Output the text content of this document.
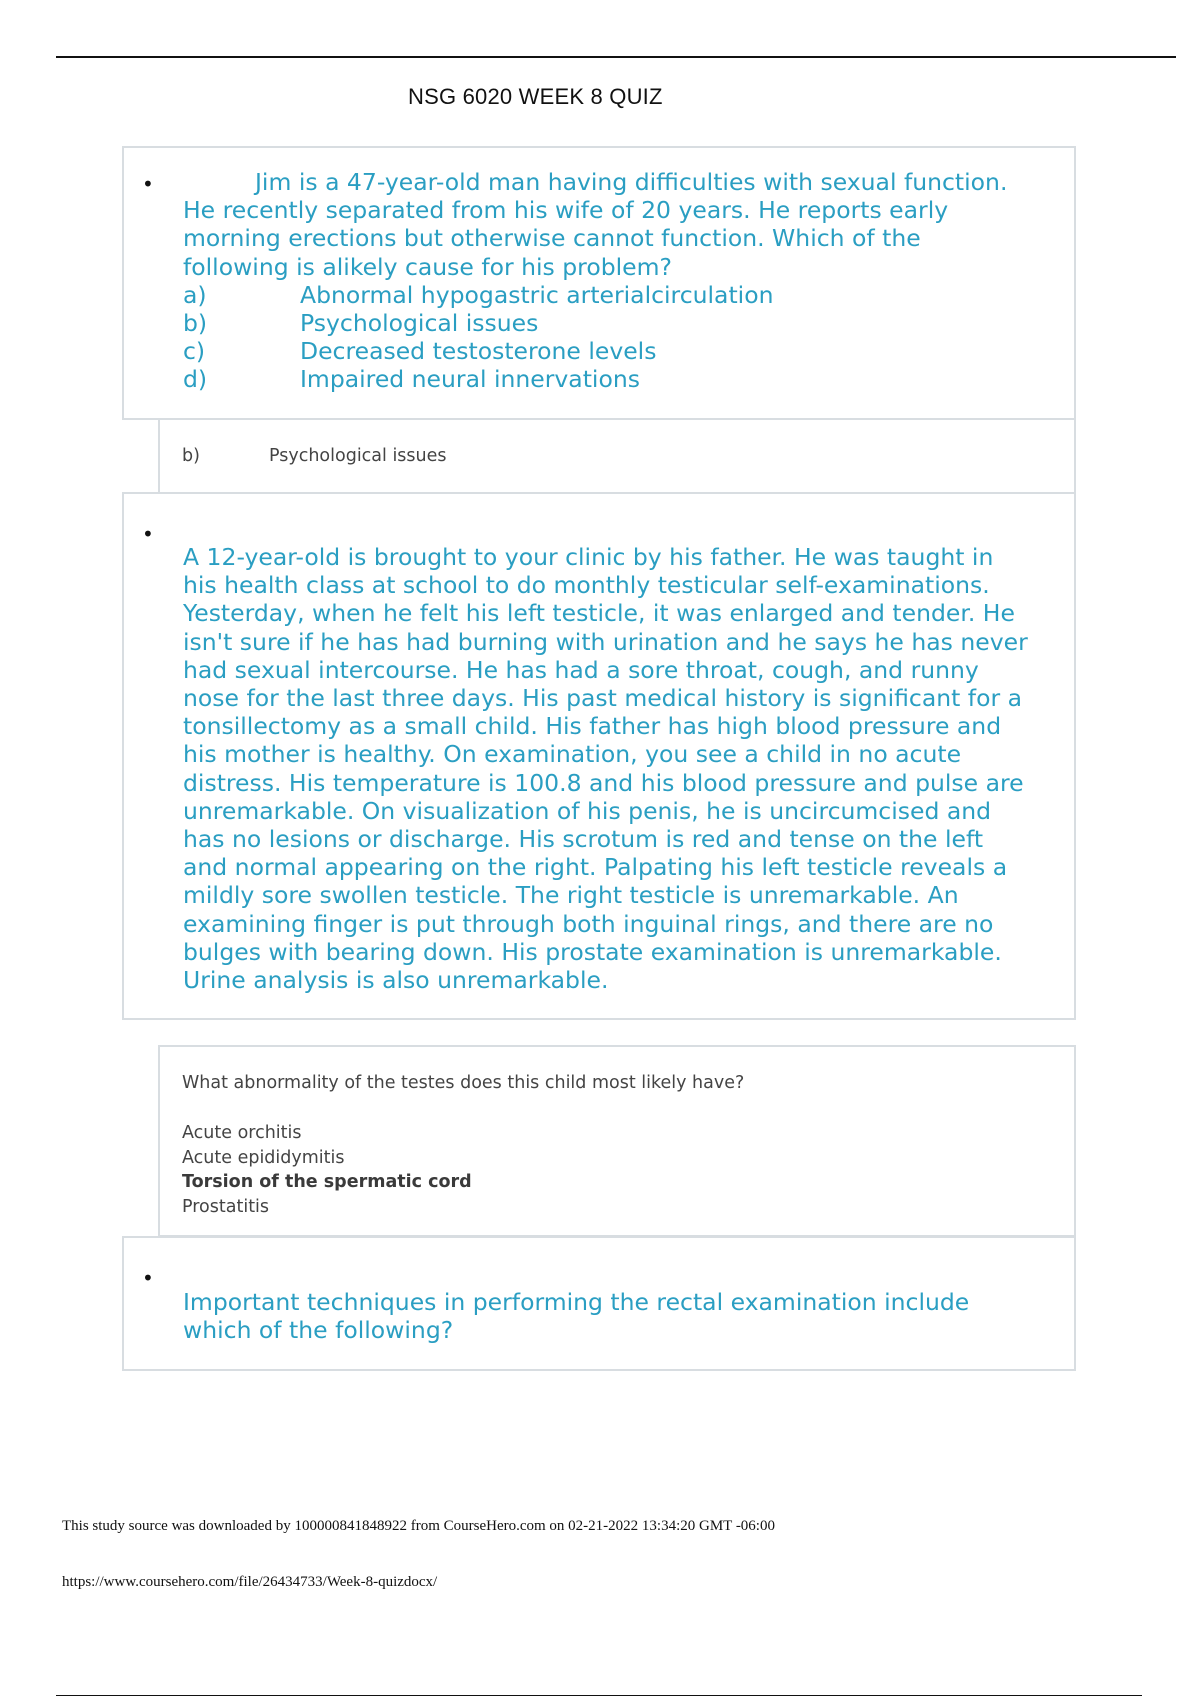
NSG 6020 WEEK 8 QUIZ
•	Jim is a 47-year-old man having difficulties with sexual function.
He recently separated from his wife of 20 years. He reports early
morning erections but otherwise cannot function. Which of the
following is alikely cause for his problem?
a)	Abnormal hypogastric arterialcirculation
b)	Psychological issues
c)	Decreased testosterone levels
d)	Impaired neural innervations
b)	Psychological issues
•
A 12-year-old is brought to your clinic by his father. He was taught in
his health class at school to do monthly testicular self-examinations.
Yesterday, when he felt his left testicle, it was enlarged and tender. He
isn't sure if he has had burning with urination and he says he has never
had sexual intercourse. He has had a sore throat, cough, and runny
nose for the last three days. His past medical history is significant for a
tonsillectomy as a small child. His father has high blood pressure and
his mother is healthy. On examination, you see a child in no acute
distress. His temperature is 100.8 and his blood pressure and pulse are
unremarkable. On visualization of his penis, he is uncircumcised and
has no lesions or discharge. His scrotum is red and tense on the left
and normal appearing on the right. Palpating his left testicle reveals a
mildly sore swollen testicle. The right testicle is unremarkable. An
examining finger is put through both inguinal rings, and there are no
bulges with bearing down. His prostate examination is unremarkable.
Urine analysis is also unremarkable.
What abnormality of the testes does this child most likely have?
Acute orchitis
Acute epididymitis
Torsion of the spermatic cord
Prostatitis
•
Important techniques in performing the rectal examination include
which of the following?
This study source was downloaded by 100000841848922 from CourseHero.com on 02-21-2022 13:34:20 GMT -06:00
https://www.coursehero.com/file/26434733/Week-8-quizdocx/
